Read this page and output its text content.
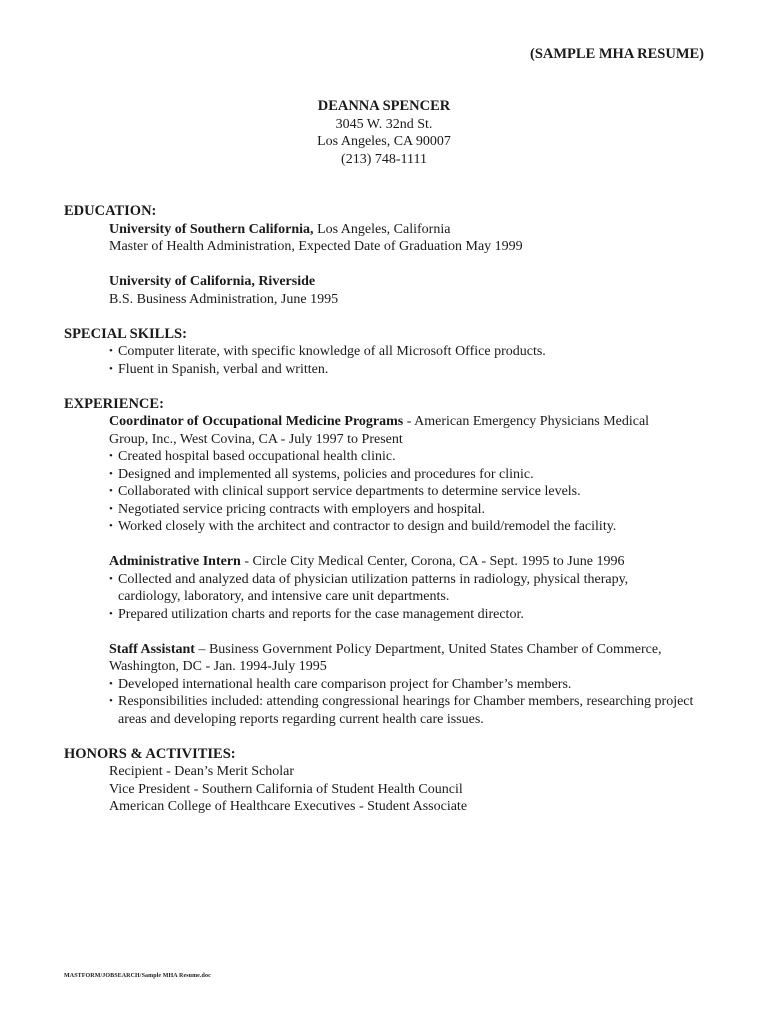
(SAMPLE MHA RESUME)
DEANNA SPENCER
3045 W. 32nd St.
Los Angeles, CA 90007
(213) 748-1111
EDUCATION:
University of Southern California, Los Angeles, California
Master of Health Administration, Expected Date of Graduation May 1999
University of California, Riverside
B.S. Business Administration, June 1995
SPECIAL SKILLS:
• Computer literate, with specific knowledge of all Microsoft Office products.
• Fluent in Spanish, verbal and written.
EXPERIENCE:
Coordinator of Occupational Medicine Programs - American Emergency Physicians Medical
Group, Inc., West Covina, CA - July 1997 to Present
• Created hospital based occupational health clinic.
• Designed and implemented all systems, policies and procedures for clinic.
• Collaborated with clinical support service departments to determine service levels.
• Negotiated service pricing contracts with employers and hospital.
• Worked closely with the architect and contractor to design and build/remodel the facility.
Administrative Intern - Circle City Medical Center, Corona, CA - Sept. 1995 to June 1996
• Collected and analyzed data of physician utilization patterns in radiology, physical therapy, cardiology, laboratory, and intensive care unit departments.
• Prepared utilization charts and reports for the case management director.
Staff Assistant – Business Government Policy Department, United States Chamber of Commerce,
Washington, DC - Jan. 1994-July 1995
• Developed international health care comparison project for Chamber’s members.
• Responsibilities included: attending congressional hearings for Chamber members, researching project areas and developing reports regarding current health care issues.
HONORS & ACTIVITIES:
Recipient - Dean’s Merit Scholar
Vice President - Southern California of Student Health Council
American College of Healthcare Executives - Student Associate
MASTFORM/JOBSEARCH/Sample MHA Resume.doc
